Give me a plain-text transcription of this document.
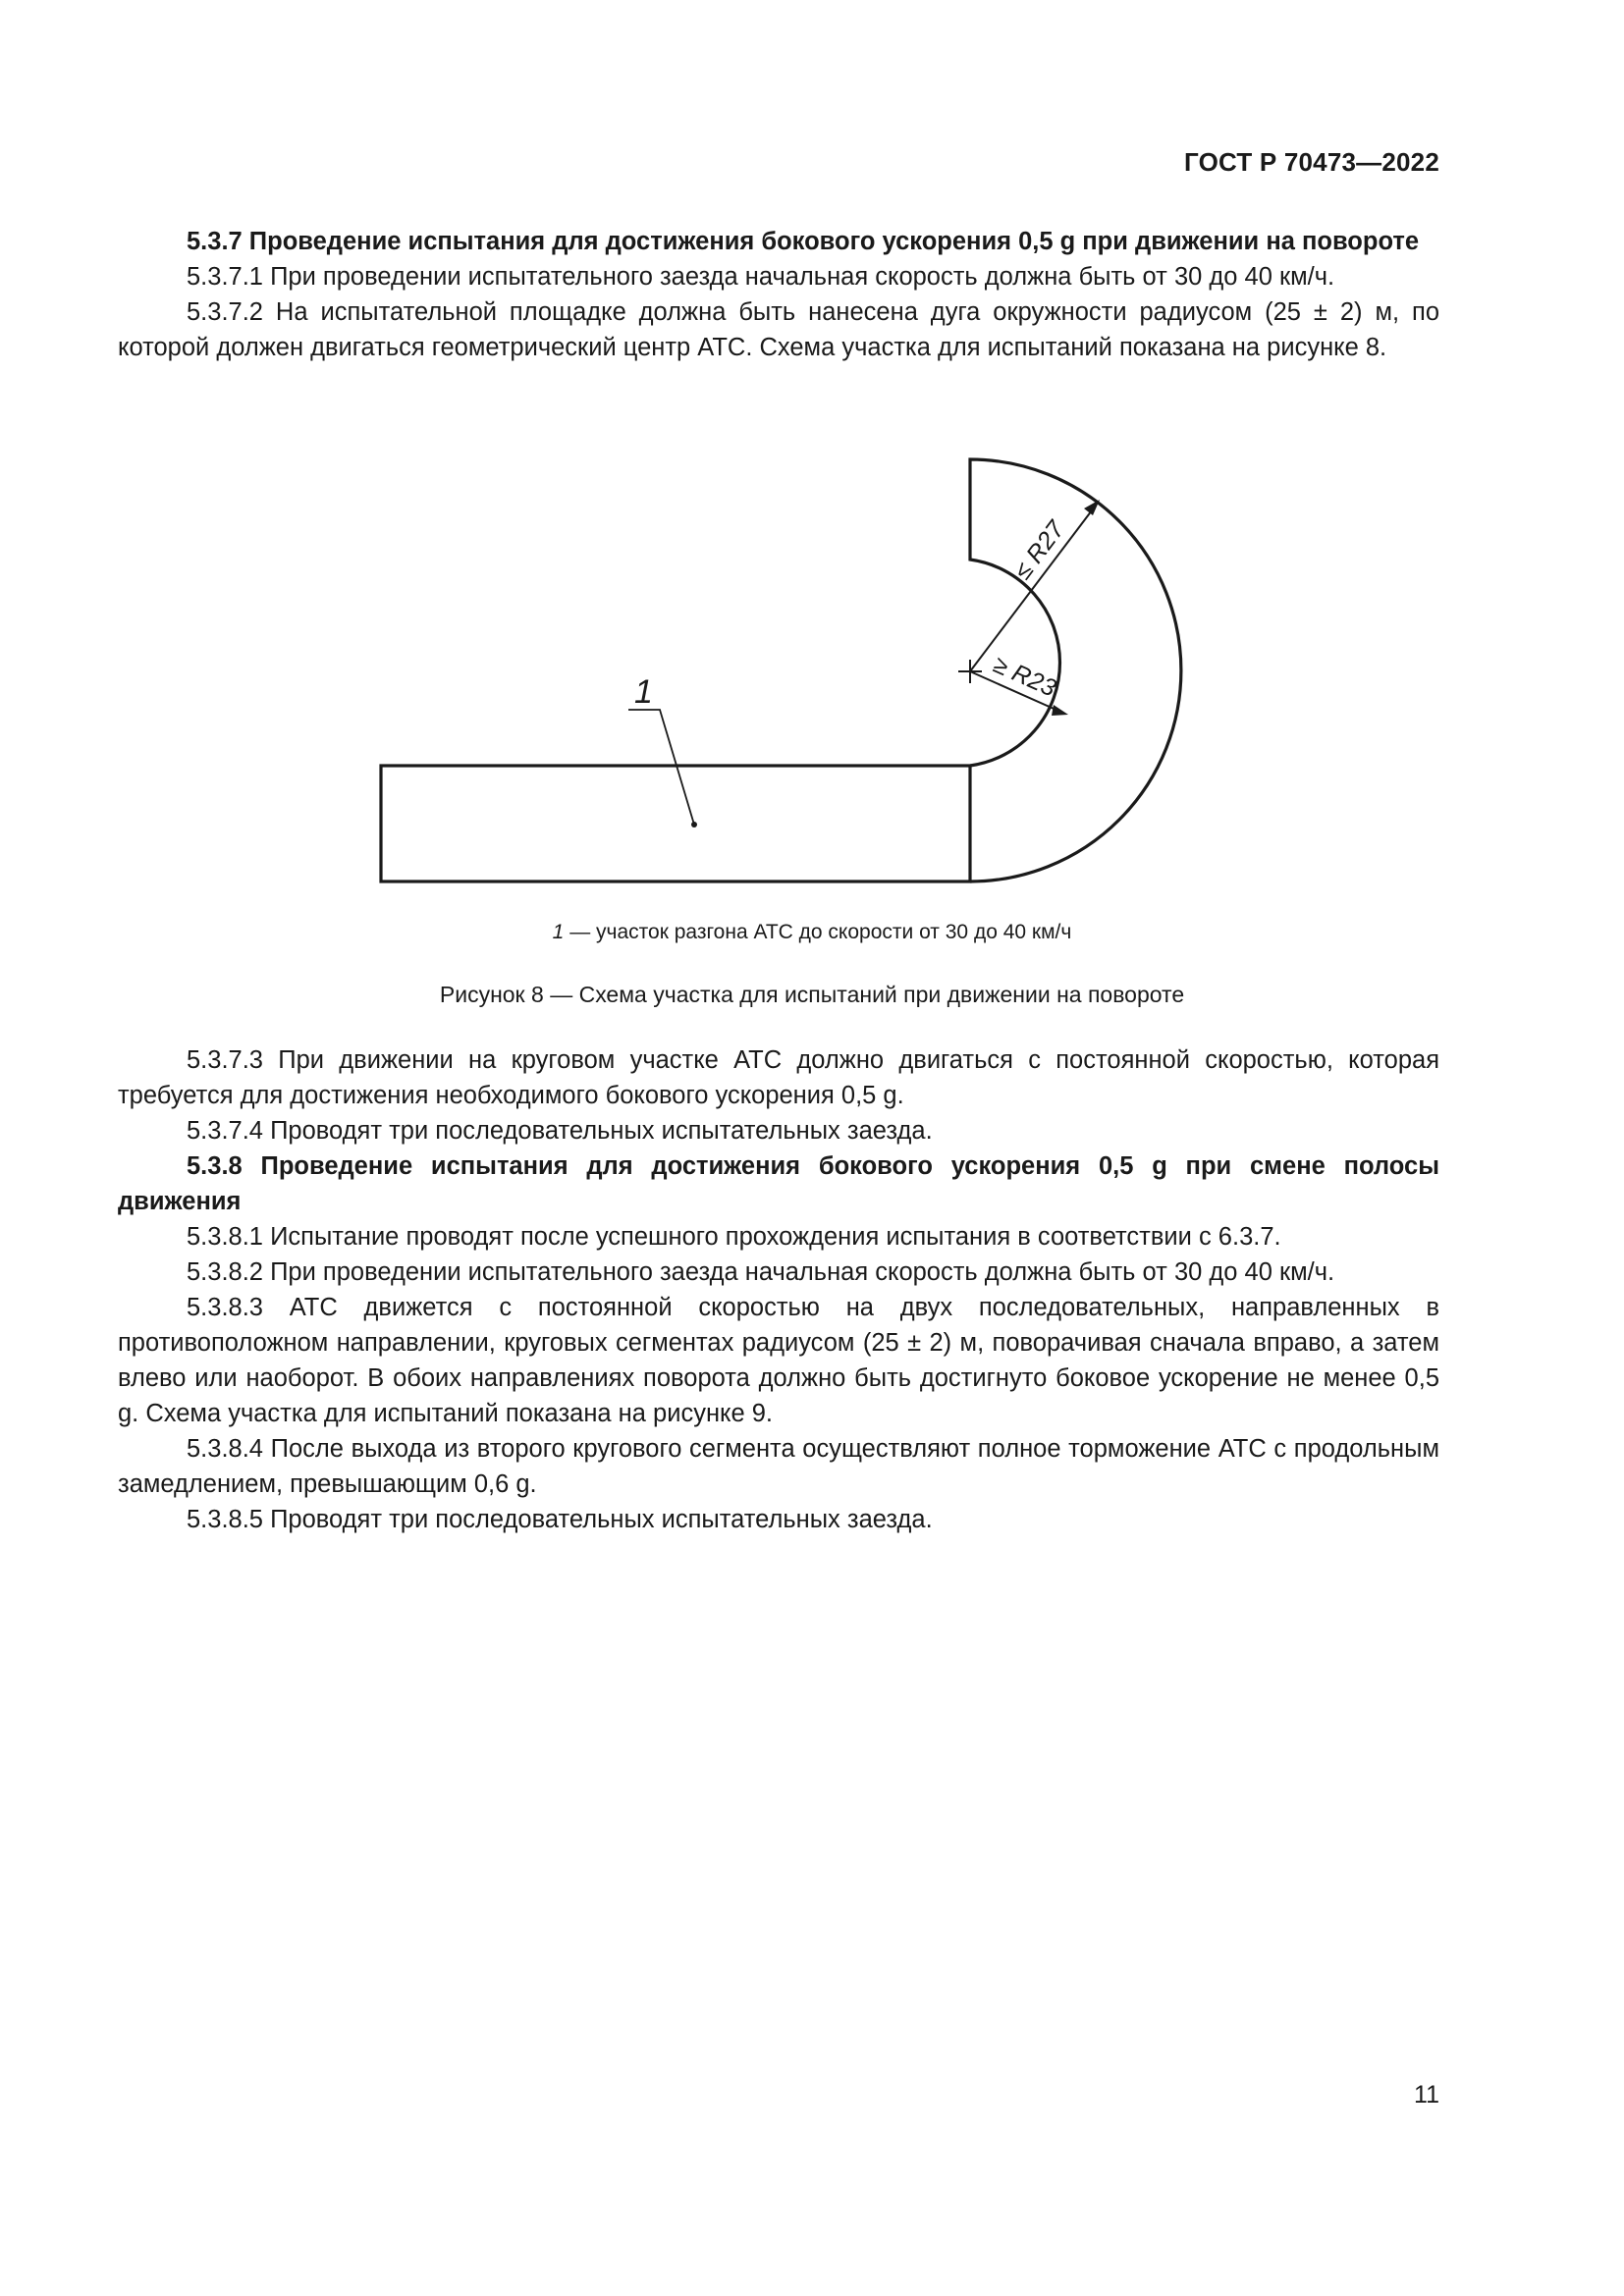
ГОСТ Р 70473—2022

5.3.7 Проведение испытания для достижения бокового ускорения 0,5 g при движении на повороте

5.3.7.1 При проведении испытательного заезда начальная скорость должна быть от 30 до 40 км/ч.

5.3.7.2 На испытательной площадке должна быть нанесена дуга окружности радиусом (25 ± 2) м, по которой должен двигаться геометрический центр АТС. Схема участка для испытаний показана на рисунке 8.

≤ R27
≥ R23
1
1 — участок разгона АТС до скорости от 30 до 40 км/ч
Рисунок 8 — Схема участка для испытаний при движении на повороте

5.3.7.3 При движении на круговом участке АТС должно двигаться с постоянной скоростью, которая требуется для достижения необходимого бокового ускорения 0,5 g.

5.3.7.4 Проводят три последовательных испытательных заезда.

5.3.8 Проведение испытания для достижения бокового ускорения 0,5 g при смене полосы движения

5.3.8.1 Испытание проводят после успешного прохождения испытания в соответствии с 6.3.7.

5.3.8.2 При проведении испытательного заезда начальная скорость должна быть от 30 до 40 км/ч.

5.3.8.3 АТС движется с постоянной скоростью на двух последовательных, направленных в противоположном направлении, круговых сегментах радиусом (25 ± 2) м, поворачивая сначала вправо, а затем влево или наоборот. В обоих направлениях поворота должно быть достигнуто боковое ускорение не менее 0,5 g. Схема участка для испытаний показана на рисунке 9.

5.3.8.4 После выхода из второго кругового сегмента осуществляют полное торможение АТС с продольным замедлением, превышающим 0,6 g.

5.3.8.5 Проводят три последовательных испытательных заезда.

11
